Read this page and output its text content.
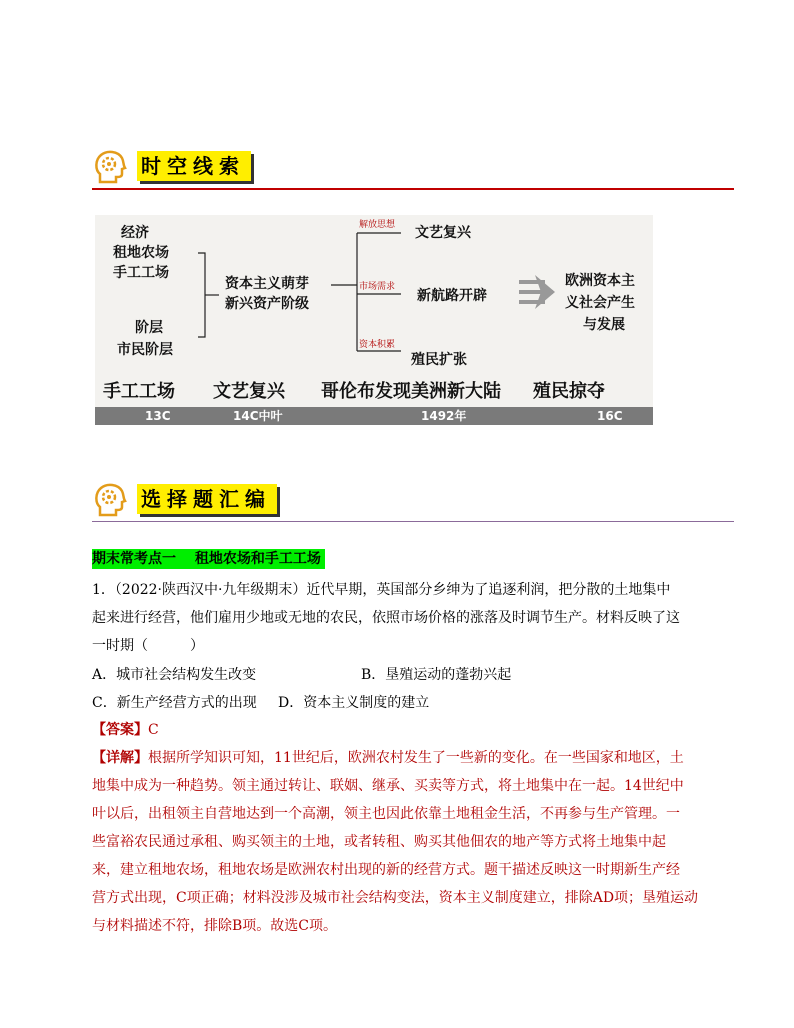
时空线索
经济
租地农场
手工工场
阶层
市民阶层
资本主义萌芽
新兴资产阶级
解放思想
市场需求
资本积累
文艺复兴
新航路开辟
殖民扩张
欧洲资本主
义社会产生
与发展
手工工场 文艺复兴 哥伦布发现美洲新大陆 殖民掠夺
13C	14C中叶	1492年	16C
选择题汇编
期末常考点一　 租地农场和手工工场
1．（2022·陕西汉中·九年级期末）近代早期，英国部分乡绅为了追逐利润，把分散的土地集中
起来进行经营，他们雇用少地或无地的农民，依照市场价格的涨落及时调节生产。材料反映了这
一时期（　　　）
A．城市社会结构发生改变	B．垦殖运动的蓬勃兴起
C．新生产经营方式的出现 D．资本主义制度的建立
【答案】C
【详解】根据所学知识可知，11世纪后，欧洲农村发生了一些新的变化。在一些国家和地区，土
地集中成为一种趋势。领主通过转让、联姻、继承、买卖等方式，将土地集中在一起。14世纪中
叶以后，出租领主自营地达到一个高潮，领主也因此依靠土地租金生活，不再参与生产管理。一
些富裕农民通过承租、购买领主的土地，或者转租、购买其他佃农的地产等方式将土地集中起
来，建立租地农场，租地农场是欧洲农村出现的新的经营方式。题干描述反映这一时期新生产经
营方式出现，C项正确；材料没涉及城市社会结构变法，资本主义制度建立，排除AD项；垦殖运动
与材料描述不符，排除B项。故选C项。
